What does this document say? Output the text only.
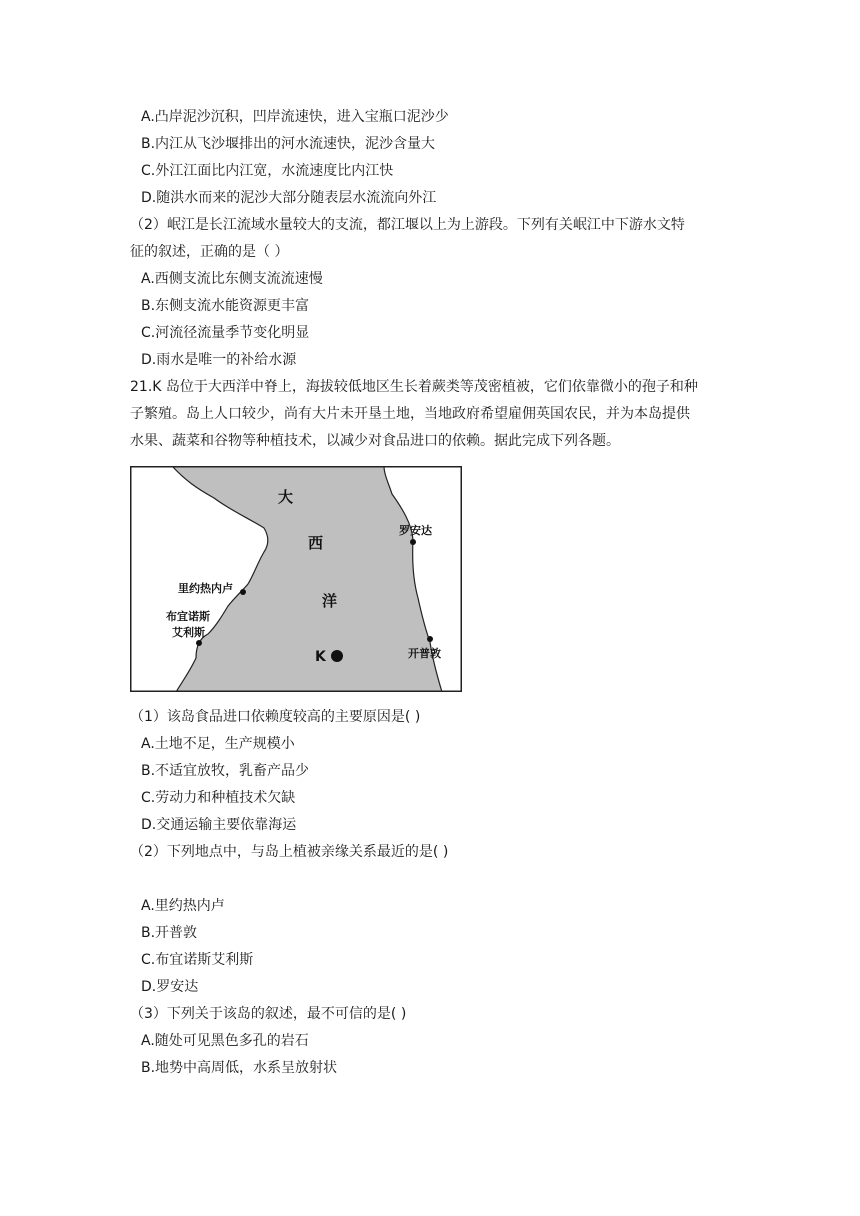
A.凸岸泥沙沉积，凹岸流速快，进入宝瓶口泥沙少
B.内江从飞沙堰排出的河水流速快，泥沙含量大
C.外江江面比内江宽，水流速度比内江快
D.随洪水而来的泥沙大部分随表层水流流向外江
（2）岷江是长江流域水量较大的支流，都江堰以上为上游段。下列有关岷江中下游水文特
征的叙述，正确的是（ ）
A.西侧支流比东侧支流流速慢
B.东侧支流水能资源更丰富
C.河流径流量季节变化明显
D.雨水是唯一的补给水源
21.K 岛位于大西洋中脊上，海拔较低地区生长着蕨类等茂密植被，它们依靠微小的孢子和种
子繁殖。岛上人口较少，尚有大片未开垦土地，当地政府希望雇佣英国农民，并为本岛提供
水果、蔬菜和谷物等种植技术，以减少对食品进口的依赖。据此完成下列各题。
大
西
洋
罗安达
里约热内卢
布宜诺斯
艾利斯
开普敦
K
（1）该岛食品进口依赖度较高的主要原因是( )
A.土地不足，生产规模小
B.不适宜放牧，乳畜产品少
C.劳动力和种植技术欠缺
D.交通运输主要依靠海运
（2）下列地点中，与岛上植被亲缘关系最近的是( )
A.里约热内卢
B.开普敦
C.布宜诺斯艾利斯
D.罗安达
（3）下列关于该岛的叙述，最不可信的是( )
A.随处可见黑色多孔的岩石
B.地势中高周低，水系呈放射状
